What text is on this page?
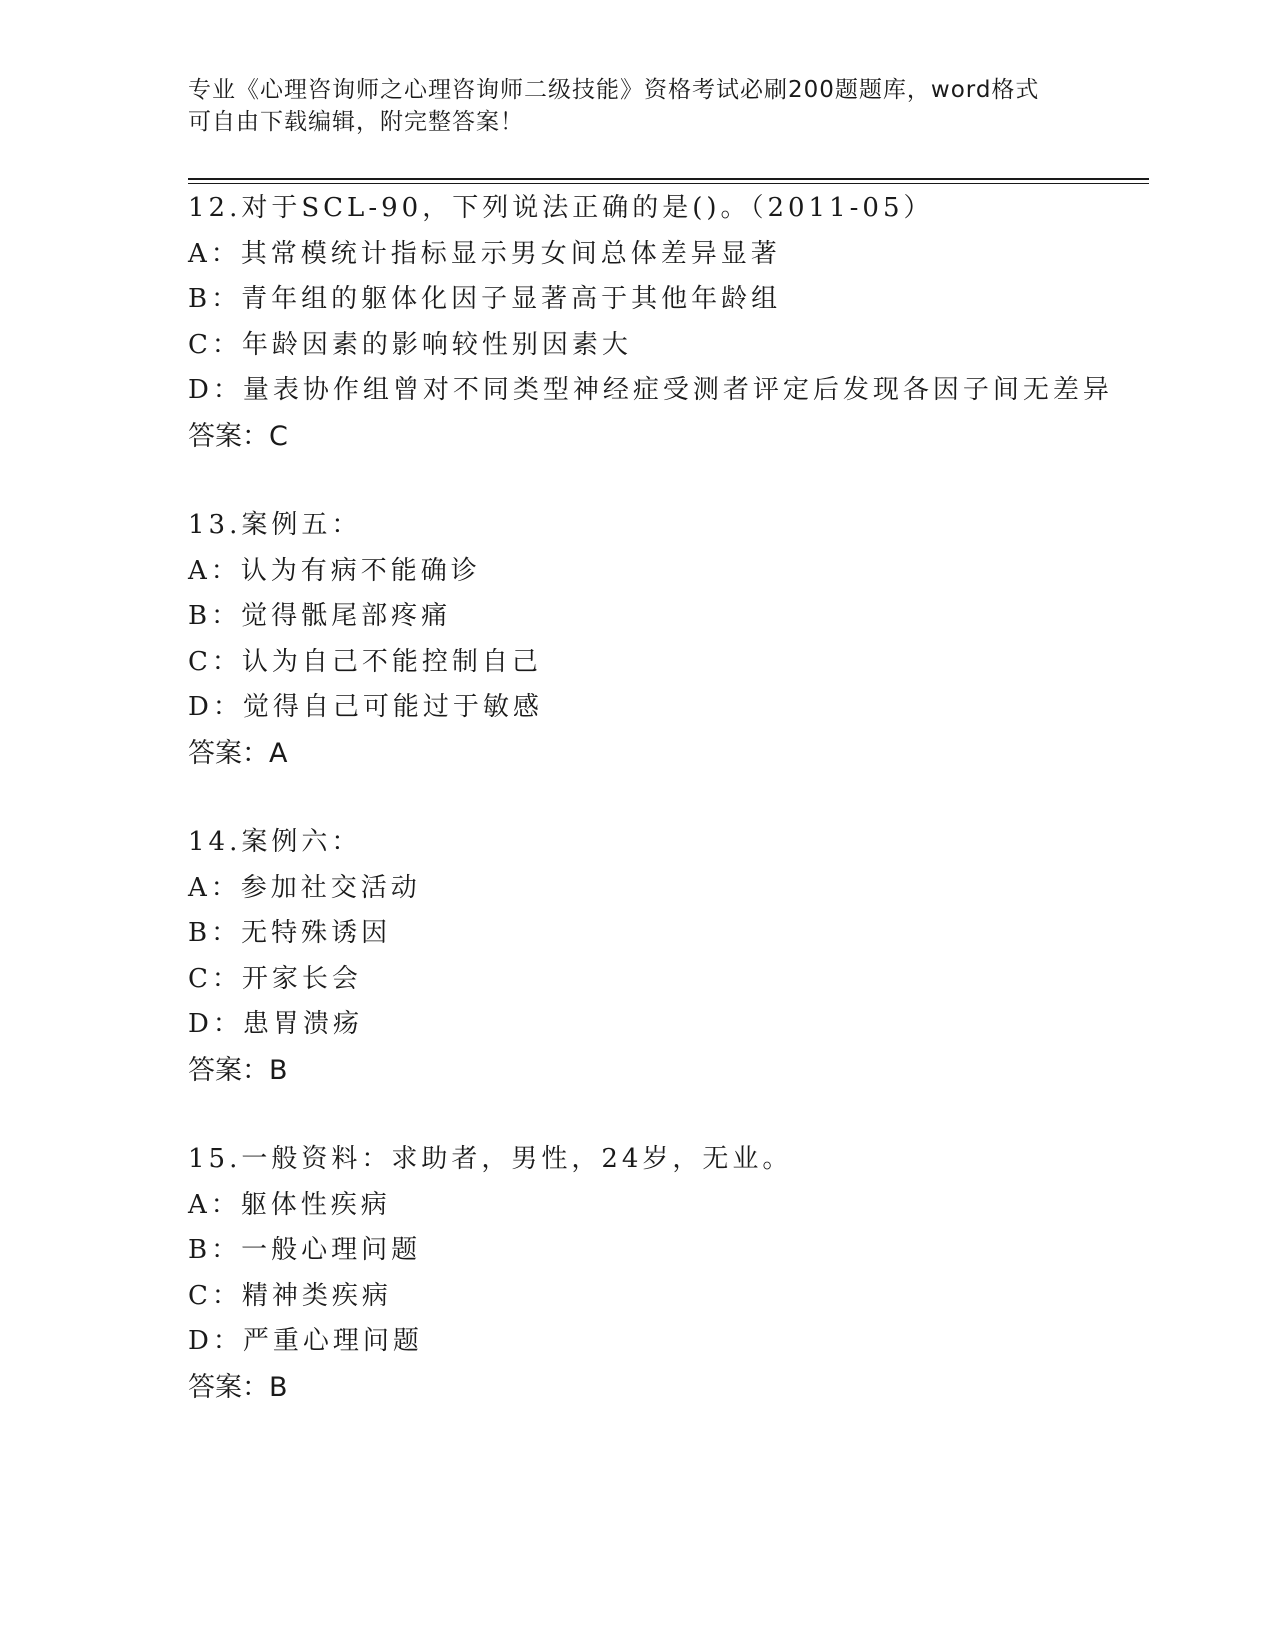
专业《心理咨询师之心理咨询师二级技能》资格考试必刷200题题库，word格式
可自由下载编辑，附完整答案！
12.对于SCL-90，下列说法正确的是()。（2011-05）
A：其常模统计指标显示男女间总体差异显著
B：青年组的躯体化因子显著高于其他年龄组
C：年龄因素的影响较性别因素大
D：量表协作组曾对不同类型神经症受测者评定后发现各因子间无差异
答案：C
13.案例五：
A：认为有病不能确诊
B：觉得骶尾部疼痛
C：认为自己不能控制自己
D：觉得自己可能过于敏感
答案：A
14.案例六：
A：参加社交活动
B：无特殊诱因
C：开家长会
D：患胃溃疡
答案：B
15.一般资料：求助者，男性，24岁，无业。
A：躯体性疾病
B：一般心理问题
C：精神类疾病
D：严重心理问题
答案：B
